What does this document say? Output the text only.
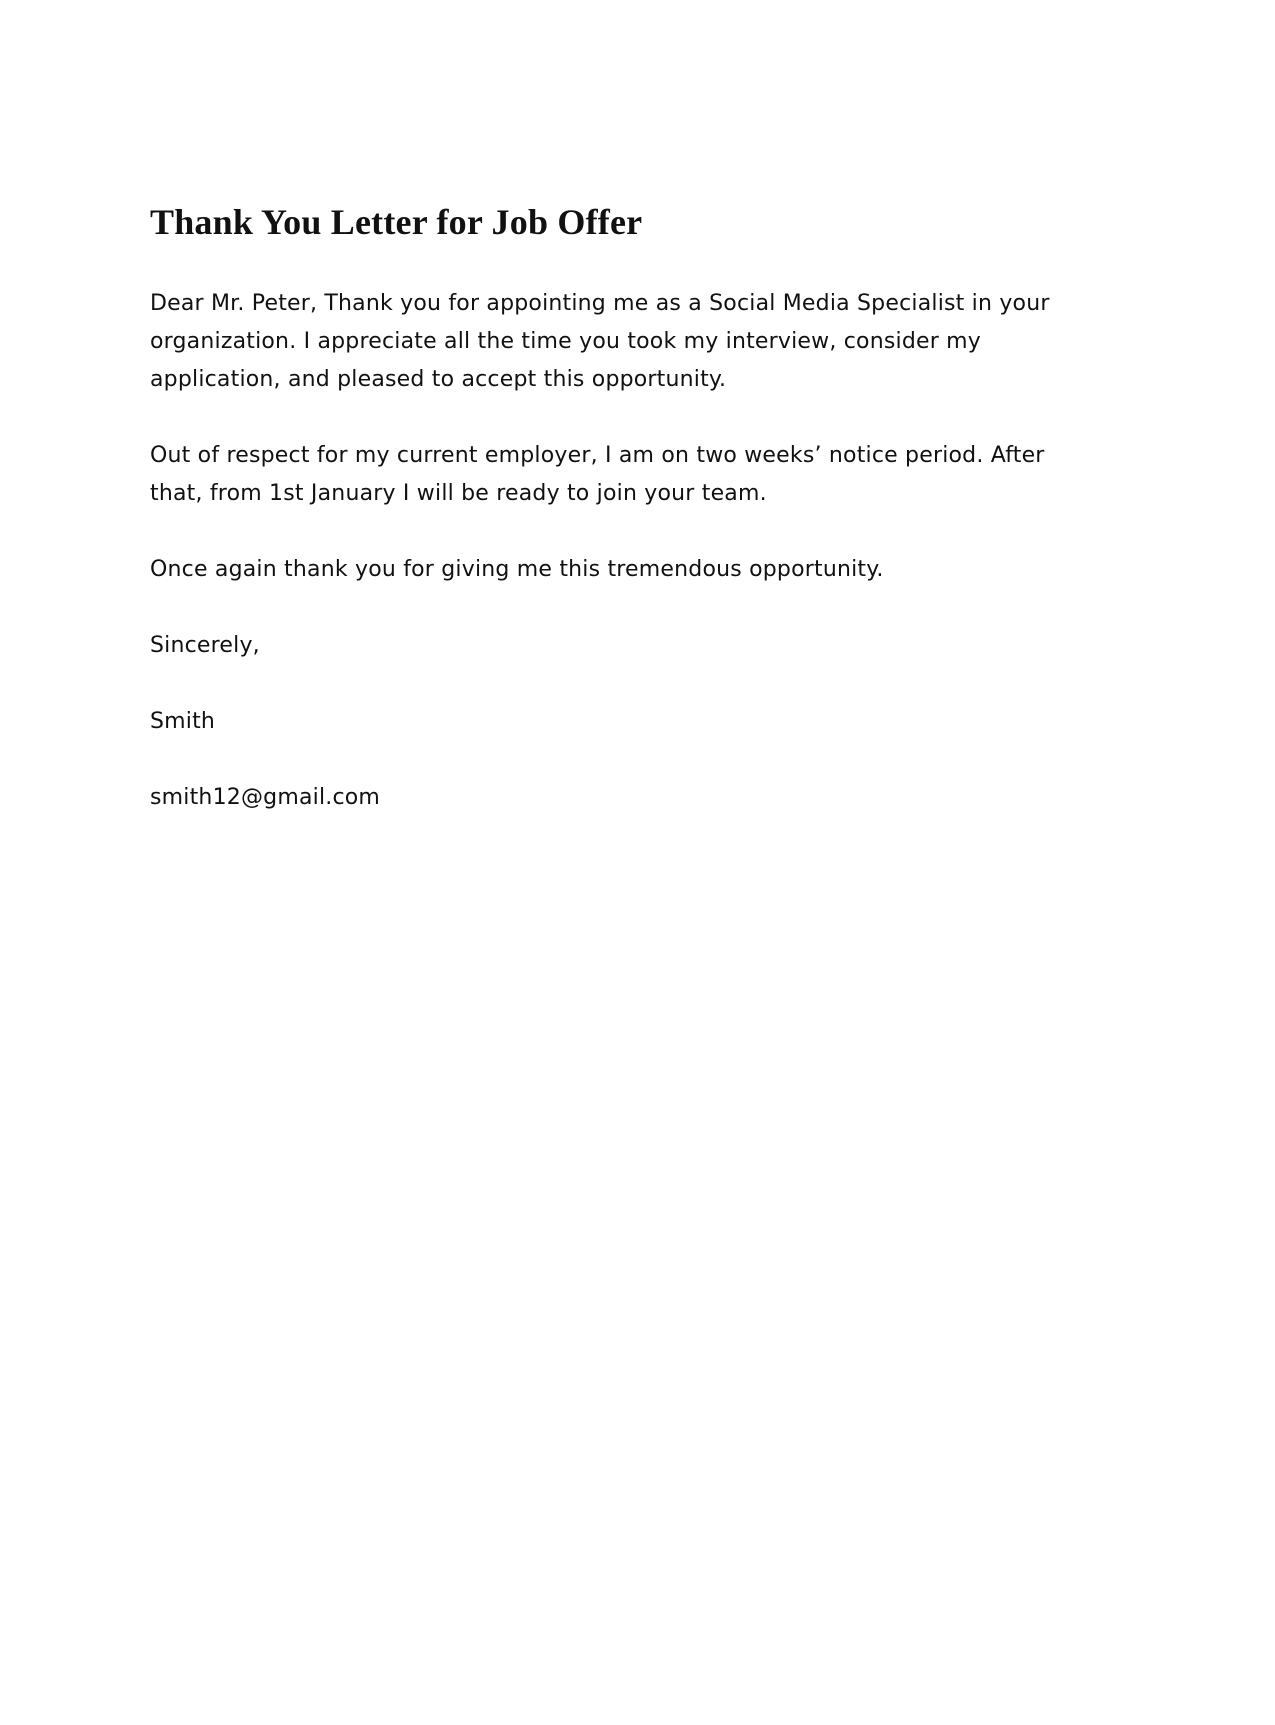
Thank You Letter for Job Offer

Dear Mr. Peter, Thank you for appointing me as a Social Media Specialist in your organization. I appreciate all the time you took my interview, consider my application, and pleased to accept this opportunity.

Out of respect for my current employer, I am on two weeks’ notice period. After that, from 1st January I will be ready to join your team.

Once again thank you for giving me this tremendous opportunity.

Sincerely,

Smith

smith12@gmail.com
